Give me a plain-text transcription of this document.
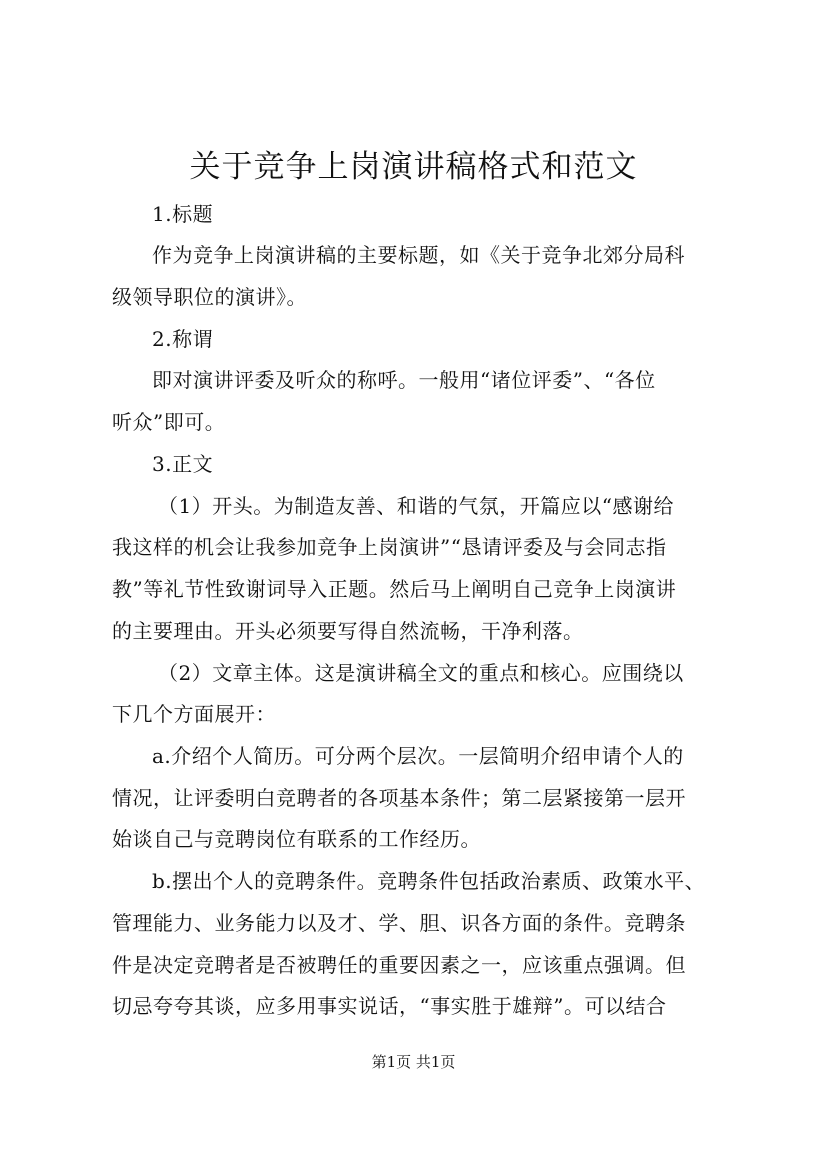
关于竞争上岗演讲稿格式和范文
1.标题
作为竞争上岗演讲稿的主要标题，如《关于竞争北郊分局科
级领导职位的演讲》。
2.称谓
即对演讲评委及听众的称呼。一般用“诸位评委”、“各位
听众”即可。
3.正文
（1）开头。为制造友善、和谐的气氛，开篇应以“感谢给
我这样的机会让我参加竞争上岗演讲”“恳请评委及与会同志指
教”等礼节性致谢词导入正题。然后马上阐明自己竞争上岗演讲
的主要理由。开头必须要写得自然流畅，干净利落。
（2）文章主体。这是演讲稿全文的重点和核心。应围绕以
下几个方面展开：
a.介绍个人简历。可分两个层次。一层简明介绍申请个人的
情况，让评委明白竞聘者的各项基本条件；第二层紧接第一层开
始谈自己与竞聘岗位有联系的工作经历。
b.摆出个人的竞聘条件。竞聘条件包括政治素质、政策水平、
管理能力、业务能力以及才、学、胆、识各方面的条件。竞聘条
件是决定竞聘者是否被聘任的重要因素之一，应该重点强调。但
切忌夸夸其谈，应多用事实说话，“事实胜于雄辩”。可以结合
第1页 共1页
